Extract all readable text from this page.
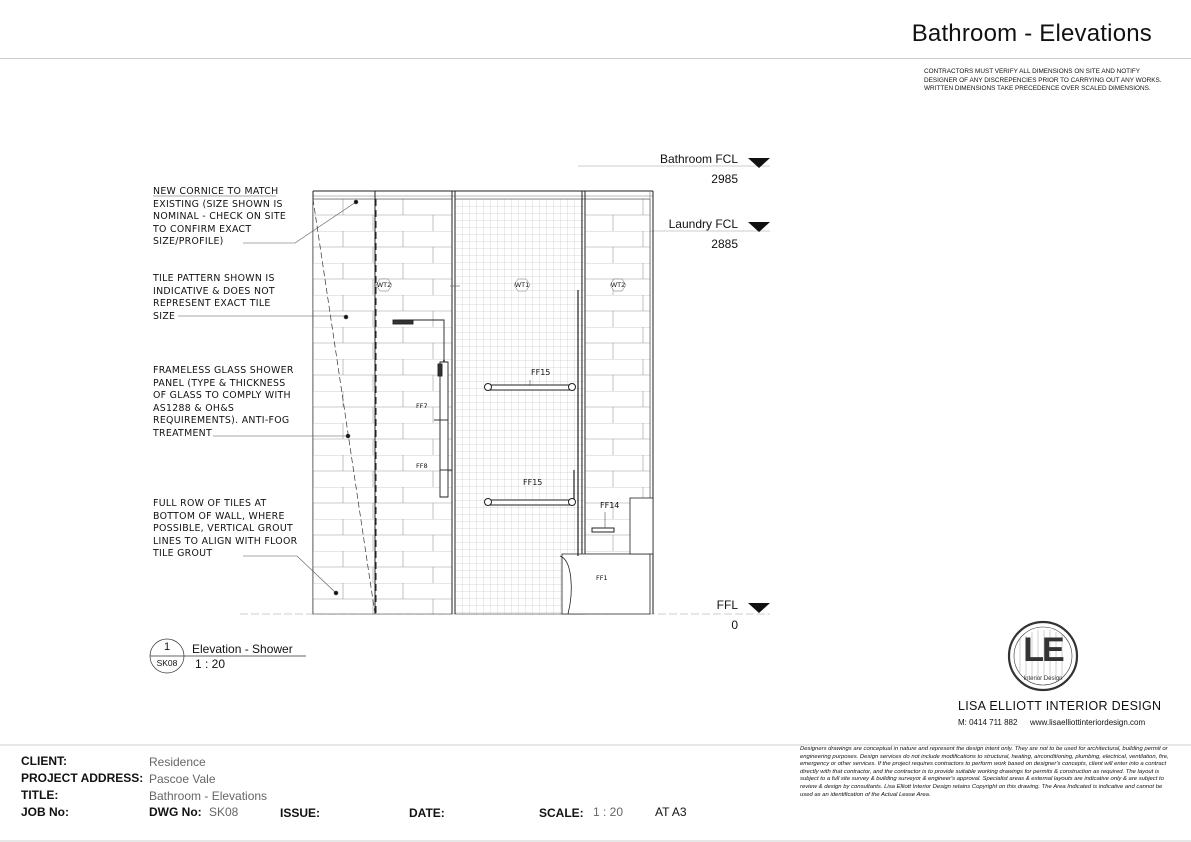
Bathroom - Elevations
CONTRACTORS MUST VERIFY ALL DIMENSIONS ON SITE AND NOTIFY DESIGNER OF ANY DISCREPENCIES PRIOR TO CARRYING OUT ANY WORKS. WRITTEN DIMENSIONS TAKE PRECEDENCE OVER SCALED DIMENSIONS.
Bathroom FCL
2985
Laundry FCL
2885
FFL
0
NEW CORNICE TO MATCH EXISTING (SIZE SHOWN IS NOMINAL - CHECK ON SITE TO CONFIRM EXACT SIZE/PROFILE)
TILE PATTERN SHOWN IS INDICATIVE & DOES NOT REPRESENT EXACT TILE SIZE
FRAMELESS GLASS SHOWER PANEL (TYPE & THICKNESS OF GLASS TO COMPLY WITH AS1288 & OH&S REQUIREMENTS). ANTI-FOG TREATMENT
FULL ROW OF TILES AT BOTTOM OF WALL, WHERE POSSIBLE, VERTICAL GROUT LINES TO ALIGN WITH FLOOR TILE GROUT
WT2	WT1	WT2
FF15
FF15
FF7
FF8
FF14
FF1
1
SK08
Elevation - Shower
1 : 20	LE
Interior Design
LISA ELLIOTT INTERIOR DESIGN
M: 0414 711 882 www.lisaelliottinteriordesign.com
CLIENT:	Residence
PROJECT ADDRESS: Pascoe Vale
TITLE:	Bathroom - Elevations
JOB No:	DWG No: SK08	ISSUE:	DATE:	SCALE: 1 : 20	AT A3
Designers drawings are conceptual in nature and represent the design intent only. They are not to be used for architectural, building permit or engineering purposes. Design services do not include modifications to structural, heating, airconditioning, plumbing, electrical, ventilation, fire, emergency or other services. If the project requires contractors to perform work based on designer's concepts, client will enter into a contract directly with that contractor, and the contractor is to provide suitable working drawings for permits & construction as required. The layout is subject to a full site survey & building surveyor & engineer's approval. Specialist areas & external layouts are indicative only & are subject to review & design by consultants. Lisa Elliott Interior Design retains Copyright on this drawing. The Area Indicated is indicative and cannot be used as an identification of the Actual Lease Area.
